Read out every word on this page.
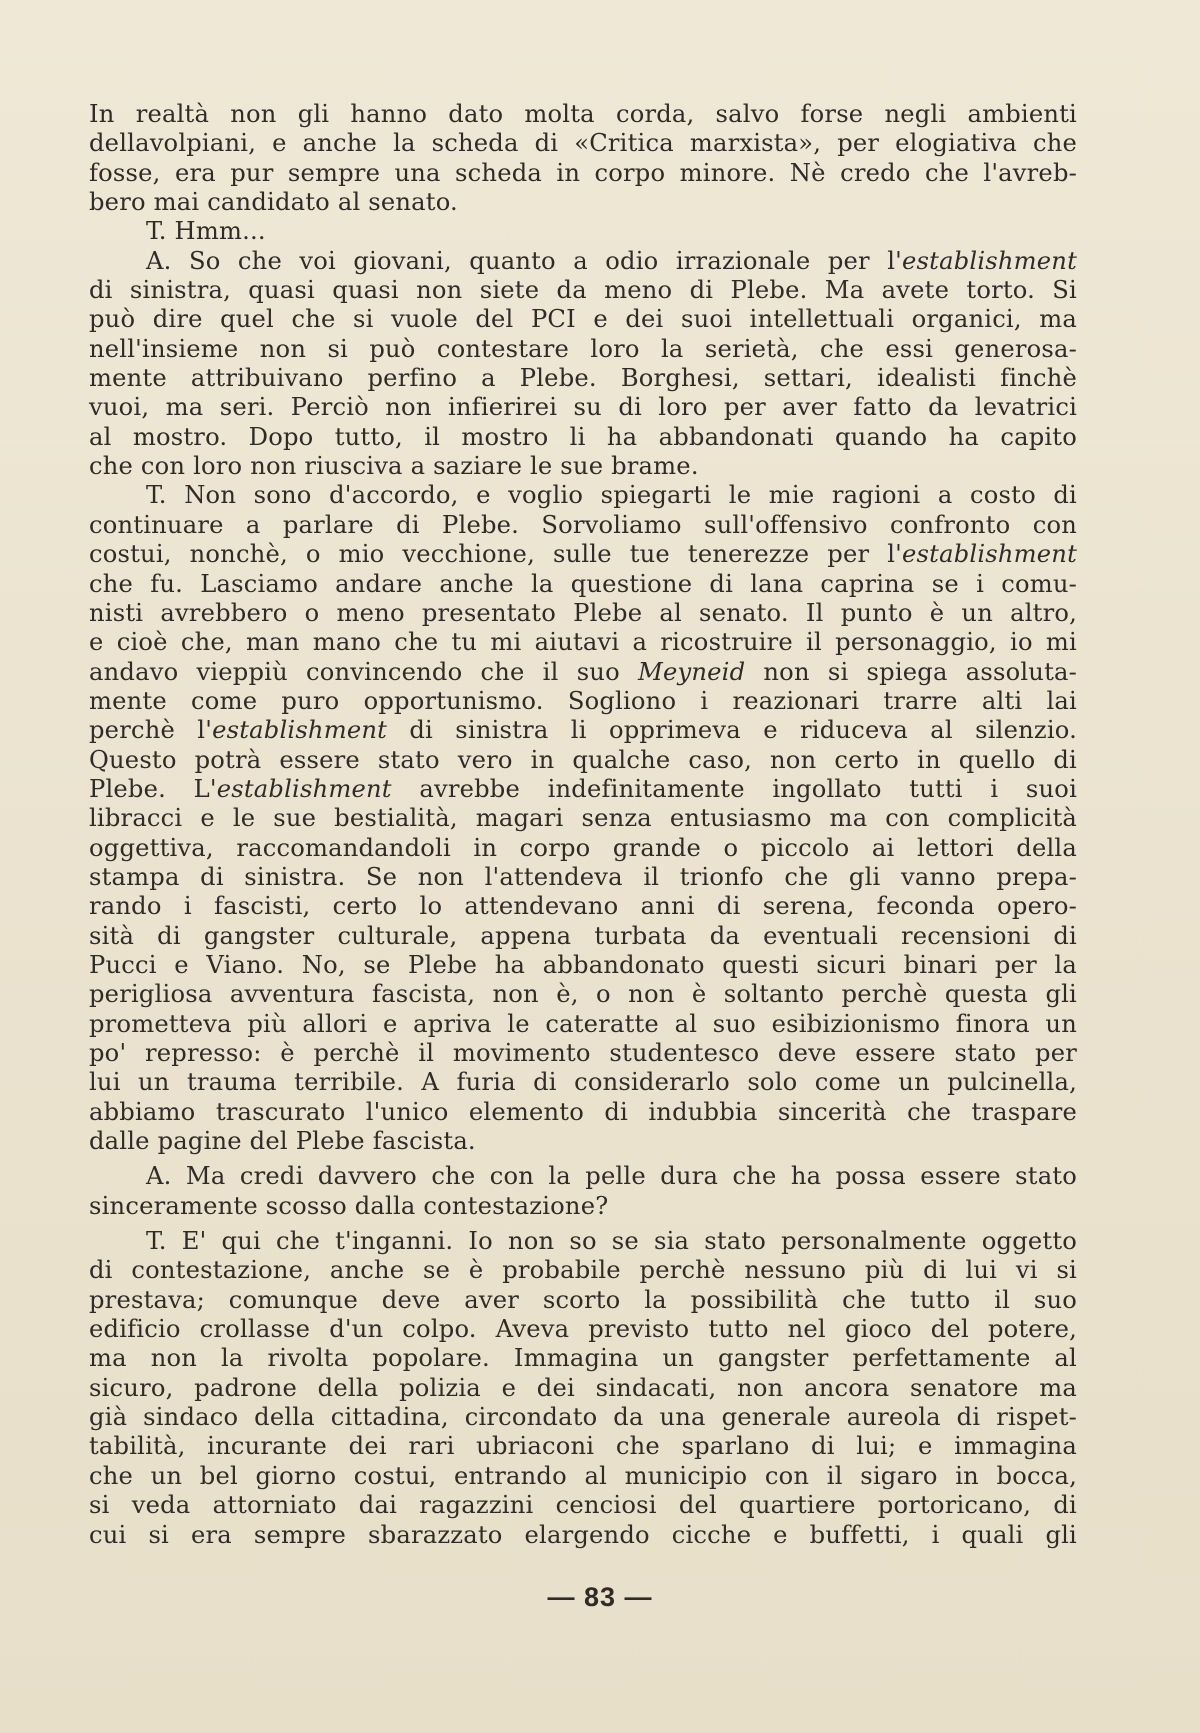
In realtà non gli hanno dato molta corda, salvo forse negli ambienti
dellavolpiani, e anche la scheda di «Critica marxista», per elogiativa che
fosse, era pur sempre una scheda in corpo minore. Nè credo che l'avreb-
bero mai candidato al senato.
T. Hmm...
A. So che voi giovani, quanto a odio irrazionale per l'establishment
di sinistra, quasi quasi non siete da meno di Plebe. Ma avete torto. Si
può dire quel che si vuole del PCI e dei suoi intellettuali organici, ma
nell'insieme non si può contestare loro la serietà, che essi generosa-
mente attribuivano perfino a Plebe. Borghesi, settari, idealisti finchè
vuoi, ma seri. Perciò non infierirei su di loro per aver fatto da levatrici
al mostro. Dopo tutto, il mostro li ha abbandonati quando ha capito
che con loro non riusciva a saziare le sue brame.
T. Non sono d'accordo, e voglio spiegarti le mie ragioni a costo di
continuare a parlare di Plebe. Sorvoliamo sull'offensivo confronto con
costui, nonchè, o mio vecchione, sulle tue tenerezze per l'establishment
che fu. Lasciamo andare anche la questione di lana caprina se i comu-
nisti avrebbero o meno presentato Plebe al senato. Il punto è un altro,
e cioè che, man mano che tu mi aiutavi a ricostruire il personaggio, io mi
andavo vieppiù convincendo che il suo Meyneid non si spiega assoluta-
mente come puro opportunismo. Sogliono i reazionari trarre alti lai
perchè l'establishment di sinistra li opprimeva e riduceva al silenzio.
Questo potrà essere stato vero in qualche caso, non certo in quello di
Plebe. L'establishment avrebbe indefinitamente ingollato tutti i suoi
libracci e le sue bestialità, magari senza entusiasmo ma con complicità
oggettiva, raccomandandoli in corpo grande o piccolo ai lettori della
stampa di sinistra. Se non l'attendeva il trionfo che gli vanno prepa-
rando i fascisti, certo lo attendevano anni di serena, feconda opero-
sità di gangster culturale, appena turbata da eventuali recensioni di
Pucci e Viano. No, se Plebe ha abbandonato questi sicuri binari per la
perigliosa avventura fascista, non è, o non è soltanto perchè questa gli
prometteva più allori e apriva le cateratte al suo esibizionismo finora un
po' represso: è perchè il movimento studentesco deve essere stato per
lui un trauma terribile. A furia di considerarlo solo come un pulcinella,
abbiamo trascurato l'unico elemento di indubbia sincerità che traspare
dalle pagine del Plebe fascista.
A. Ma credi davvero che con la pelle dura che ha possa essere stato
sinceramente scosso dalla contestazione?
T. E' qui che t'inganni. Io non so se sia stato personalmente oggetto
di contestazione, anche se è probabile perchè nessuno più di lui vi si
prestava; comunque deve aver scorto la possibilità che tutto il suo
edificio crollasse d'un colpo. Aveva previsto tutto nel gioco del potere,
ma non la rivolta popolare. Immagina un gangster perfettamente al
sicuro, padrone della polizia e dei sindacati, non ancora senatore ma
già sindaco della cittadina, circondato da una generale aureola di rispet-
tabilità, incurante dei rari ubriaconi che sparlano di lui; e immagina
che un bel giorno costui, entrando al municipio con il sigaro in bocca,
si veda attorniato dai ragazzini cenciosi del quartiere portoricano, di
cui si era sempre sbarazzato elargendo cicche e buffetti, i quali gli
— 83 —
